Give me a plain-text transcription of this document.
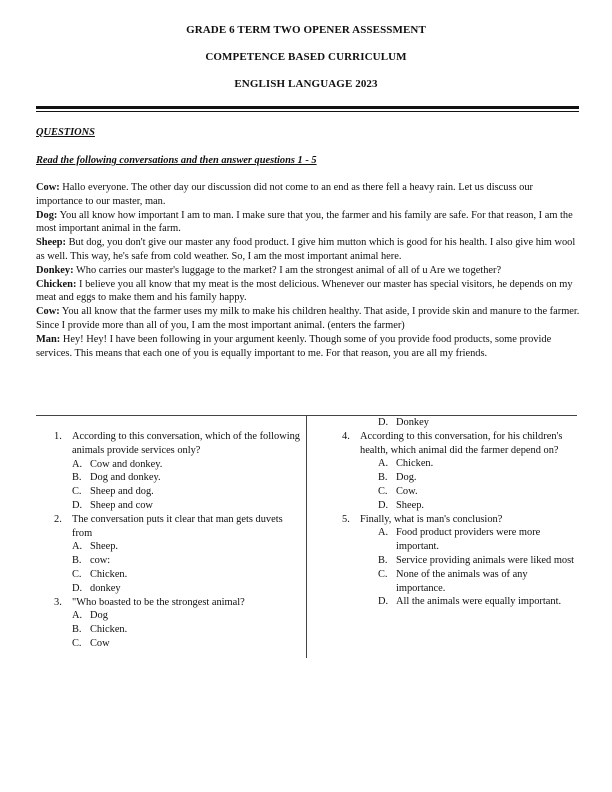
GRADE 6 TERM TWO OPENER ASSESSMENT
COMPETENCE BASED CURRICULUM
ENGLISH LANGUAGE 2023
QUESTIONS
Read the following conversations and then answer questions 1 - 5

Cow: Hallo everyone. The other day our discussion did not come to an end as there fell a heavy rain. Let us discuss our importance to our master, man.

Dog: You all know how important I am to man. I make sure that you, the farmer and his family are safe. For that reason, I am the most important animal in the farm.

Sheep: But dog, you don't give our master any food product. I give him mutton which is good for his health. I also give him wool as well. This way, he's safe from cold weather. So, I am the most important animal here.

Donkey: Who carries our master's luggage to the market? I am the strongest animal of all of u Are we together?

Chicken: I believe you all know that my meat is the most delicious. Whenever our master has special visitors, he depends on my meat and eggs to make them and his family happy.

Cow: You all know that the farmer uses my milk to make his children healthy. That aside, I provide skin and manure to the farmer. Since I provide more than all of you, I am the most important animal. (enters the farmer)

Man: Hey! Hey! I have been following in your argument keenly. Though some of you provide food products, some provide services. This means that each one of you is equally important to me. For that reason, you are all my friends.

1. According to this conversation, which of the following animals provide services only?
A. Cow and donkey.
B. Dog and donkey.
C. Sheep and dog.
D. Sheep and cow
2. The conversation puts it clear that man gets duvets from
A. Sheep.
B. cow:
C. Chicken.
D. donkey
3. "Who boasted to be the strongest animal?
A. Dog
B. Chicken.
C. Cow
D. Donkey
4. According to this conversation, for his children's health, which animal did the farmer depend on?
A. Chicken.
B. Dog.
C. Cow.
D. Sheep.
5. Finally, what is man's conclusion?
A. Food product providers were more important.
B. Service providing animals were liked most
C. None of the animals was of any importance.
D. All the animals were equally important.
